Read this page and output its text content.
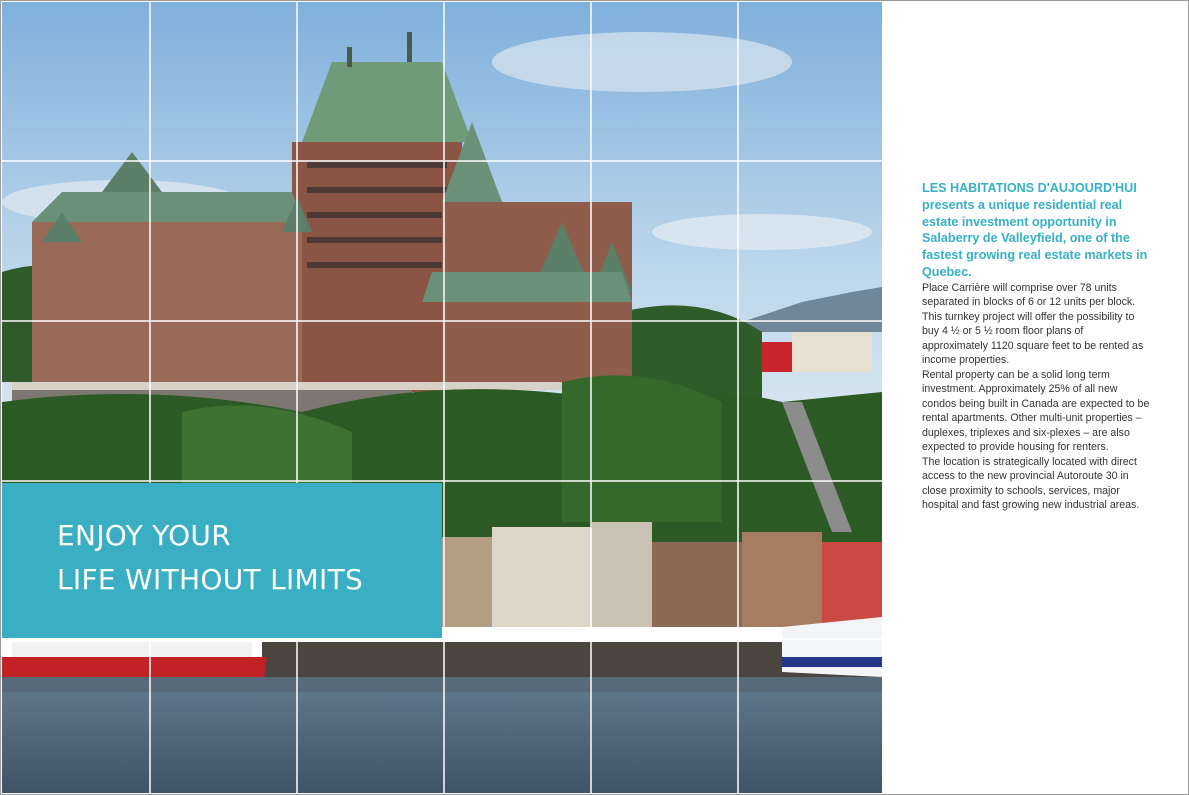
ENJOY YOUR
LIFE WITHOUT LIMITS

LES HABITATIONS D'AUJOURD'HUI presents a unique residential real estate investment opportunity in Salaberry de Valleyfield, one of the fastest growing real estate markets in Quebec.

Place Carrière will comprise over 78 units separated in blocks of 6 or 12 units per block.

This turnkey project will offer the possibility to buy 4 ½ or 5 ½ room floor plans of approximately 1120 square feet to be rented as income properties.

Rental property can be a solid long term investment. Approximately 25% of all new condos being built in Canada are expected to be rental apartments. Other multi-unit properties – duplexes, triplexes and six-plexes – are also expected to provide housing for renters.

The location is strategically located with direct access to the new provincial Autoroute 30 in close proximity to schools, services, major hospital and fast growing new industrial areas.
